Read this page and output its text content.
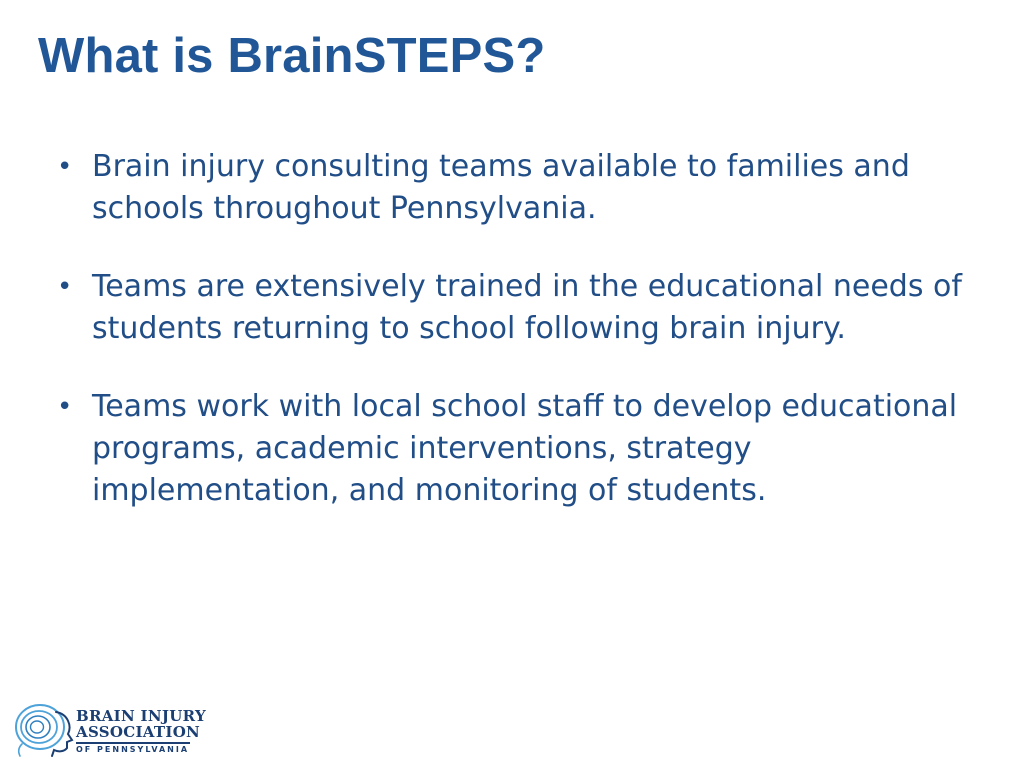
What is BrainSTEPS?
• Brain injury consulting teams available to families and schools throughout Pennsylvania.
• Teams are extensively trained in the educational needs of students returning to school following brain injury.
• Teams work with local school staff to develop educational programs, academic interventions, strategy implementation, and monitoring of students.
BRAIN INJURY
ASSOCIATION
OF PENNSYLVANIA
